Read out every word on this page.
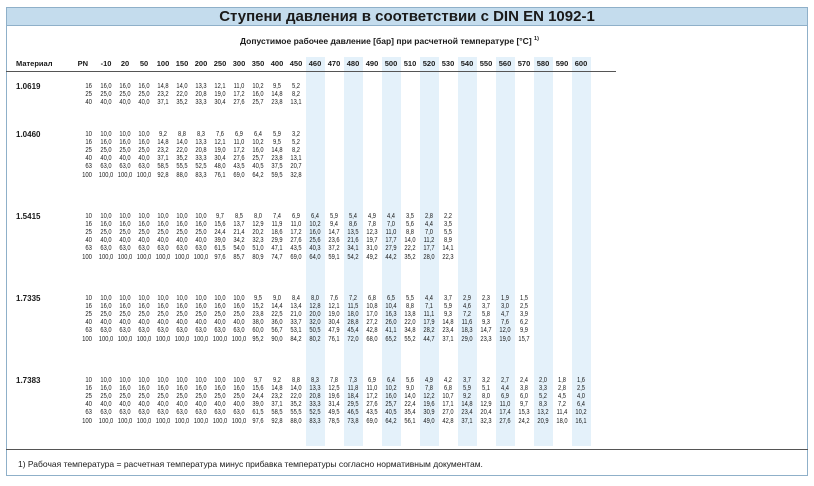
Ступени давления в соответствии с DIN EN 1092-1
Допустимое рабочее давление [бар] при расчетной температуре [°С] $^{1)}$
Материал	PN	-10	20	50	100 150 200 250 300 350 400 450 460 470 480 490 500 510 520 530 540 550 560 570 580 590 600
1.0619	16	16,0	16,0	16,0	14,8	14,0	13,3	12,1	11,0	10,2	9,5	5,2
25	25,0	25,0	25,0	23,2	22,0	20,8	19,0	17,2	16,0	14,8	8,2
40	40,0	40,0	40,0	37,1	35,2	33,3	30,4	27,6	25,7	23,8	13,1
1.0460	10	10,0	10,0	10,0	9,2	8,8	8,3	7,6	6,9	6,4	5,9	3,2
16	16,0	16,0	16,0	14,8	14,0	13,3	12,1	11,0	10,2	9,5	5,2
25	25,0	25,0	25,0	23,2	22,0	20,8	19,0	17,2	16,0	14,8	8,2
40	40,0	40,0	40,0	37,1	35,2	33,3	30,4	27,6	25,7	23,8	13,1
63	63,0	63,0	63,0	58,5	55,5	52,5	48,0	43,5	40,5	37,5	20,7
100 100,0 100,0 100,0 92,8	88,0	83,3	76,1	69,0	64,2	59,5	32,8
1.5415	10	10,0	10,0	10,0	10,0	10,0	10,0	9,7	8,5	8,0	7,4	6,9	6,4	5,9	5,4	4,9	4,4	3,5	2,8	2,2
16	16,0	16,0	16,0	16,0	16,0	16,0	15,6	13,7	12,9	11,9	11,0	10,2	9,4	8,6	7,8	7,0	5,6	4,4	3,5
25	25,0	25,0	25,0	25,0	25,0	25,0	24,4	21,4	20,2	18,6	17,2	16,0	14,7	13,5	12,3	11,0	8,8	7,0	5,5
40	40,0	40,0	40,0	40,0	40,0	40,0	39,0	34,2	32,3	29,9	27,6	25,6	23,6	21,6	19,7	17,7	14,0	11,2	8,9
63	63,0	63,0	63,0	63,0	63,0	63,0	61,5	54,0	51,0	47,1	43,5	40,3	37,2	34,1	31,0	27,9	22,2	17,7	14,1
100 100,0 100,0 100,0 100,0 100,0 100,0 97,6	85,7	80,9	74,7	69,0	64,0	59,1	54,2	49,2	44,2	35,2	28,0	22,3
1.7335	10	10,0	10,0	10,0	10,0	10,0	10,0	10,0	10,0	9,5	9,0	8,4	8,0	7,6	7,2	6,8	6,5	5,5	4,4	3,7	2,9	2,3	1,9	1,5
16	16,0	16,0	16,0	16,0	16,0	16,0	16,0	16,0	15,2	14,4	13,4	12,8	12,1	11,5	10,8	10,4	8,8	7,1	5,9	4,6	3,7	3,0	2,5
25	25,0	25,0	25,0	25,0	25,0	25,0	25,0	25,0	23,8	22,5	21,0	20,0	19,0	18,0	17,0	16,3	13,8	11,1	9,3	7,2	5,8	4,7	3,9
40	40,0	40,0	40,0	40,0	40,0	40,0	40,0	40,0	38,0	36,0	33,7	32,0	30,4	28,8	27,2	26,0	22,0	17,9	14,8	11,6	9,3	7,6	6,2
63	63,0	63,0	63,0	63,0	63,0	63,0	63,0	63,0	60,0	56,7	53,1	50,5	47,9	45,4	42,8	41,1	34,8	28,2	23,4	18,3	14,7	12,0	9,9
100 100,0 100,0 100,0 100,0 100,0 100,0 100,0 100,0 95,2	90,0	84,2	80,2	76,1	72,0	68,0	65,2	55,2	44,7	37,1	29,0	23,3	19,0	15,7
1.7383	10	10,0	10,0	10,0	10,0	10,0	10,0	10,0	10,0	9,7	9,2	8,8	8,3	7,8	7,3	6,9	6,4	5,6	4,9	4,2	3,7	3,2	2,7	2,4	2,0	1,8	1,6
16	16,0	16,0	16,0	16,0	16,0	16,0	16,0	16,0	15,6	14,8	14,0	13,3	12,5	11,8	11,0	10,2	9,0	7,8	6,8	5,9	5,1	4,4	3,8	3,3	2,8	2,5
25	25,0	25,0	25,0	25,0	25,0	25,0	25,0	25,0	24,4	23,2	22,0	20,8	19,6	18,4	17,2	16,0	14,0	12,2	10,7	9,2	8,0	6,9	6,0	5,2	4,5	4,0
40	40,0	40,0	40,0	40,0	40,0	40,0	40,0	40,0	39,0	37,1	35,2	33,3	31,4	29,5	27,6	25,7	22,4	19,6	17,1	14,8	12,9	11,0	9,7	8,3	7,2	6,4
63	63,0	63,0	63,0	63,0	63,0	63,0	63,0	63,0	61,5	58,5	55,5	52,5	49,5	46,5	43,5	40,5	35,4	30,9	27,0	23,4	20,4	17,4	15,3	13,2	11,4	10,2
100 100,0 100,0 100,0 100,0 100,0 100,0 100,0 100,0 97,6	92,8	88,0	83,3	78,5	73,8	69,0	64,2	56,1	49,0	42,8	37,1	32,3	27,6	24,2	20,9	18,0	16,1
1) Рабочая температура = расчетная температура минус прибавка температуры согласно нормативным документам.
